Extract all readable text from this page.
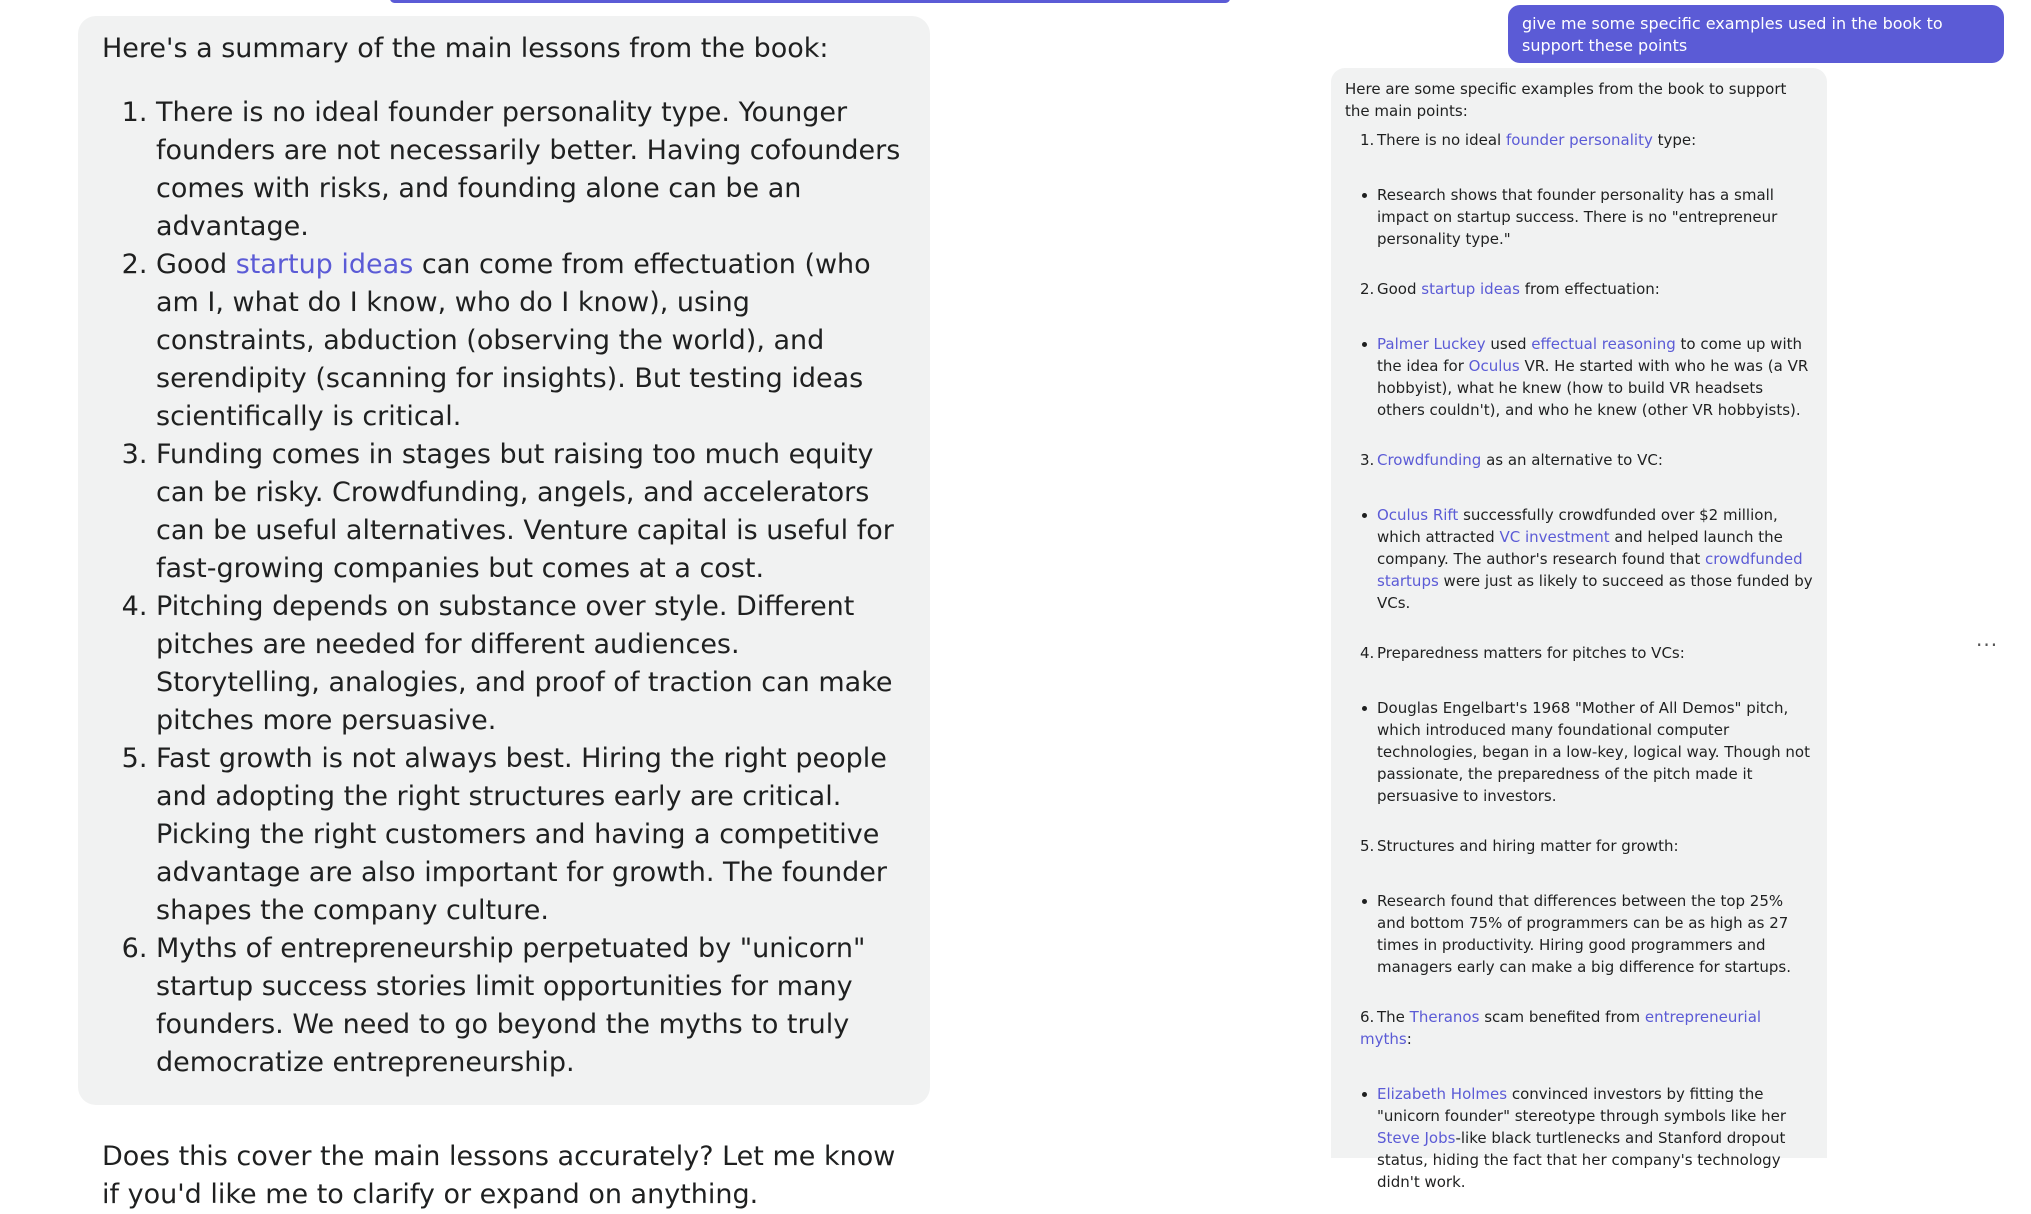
Here's a summary of the main lessons from the book:

1. There is no ideal founder personality type. Younger founders are not necessarily better. Having cofounders comes with risks, and founding alone can be an advantage.
2. Good startup ideas can come from effectuation (who am I, what do I know, who do I know), using constraints, abduction (observing the world), and serendipity (scanning for insights). But testing ideas scientifically is critical.
3. Funding comes in stages but raising too much equity can be risky. Crowdfunding, angels, and accelerators can be useful alternatives. Venture capital is useful for fast-growing companies but comes at a cost.
4. Pitching depends on substance over style. Different pitches are needed for different audiences. Storytelling, analogies, and proof of traction can make pitches more persuasive.
5. Fast growth is not always best. Hiring the right people and adopting the right structures early are critical. Picking the right customers and having a competitive advantage are also important for growth. The founder shapes the company culture.
6. Myths of entrepreneurship perpetuated by "unicorn" startup success stories limit opportunities for many founders. We need to go beyond the myths to truly democratize entrepreneurship.

Does this cover the main lessons accurately? Let me know if you'd like me to clarify or expand on anything.

give me some specific examples used in the book to support these points

Here are some specific examples from the book to support the main points:

1. There is no ideal founder personality type:
Research shows that founder personality has a small impact on startup success. There is no "entrepreneur personality type."
2. Good startup ideas from effectuation:
Palmer Luckey used effectual reasoning to come up with the idea for Oculus VR. He started with who he was (a VR hobbyist), what he knew (how to build VR headsets others couldn't), and who he knew (other VR hobbyists).
3. Crowdfunding as an alternative to VC:
Oculus Rift successfully crowdfunded over $2 million, which attracted VC investment and helped launch the company. The author's research found that crowdfunded startups were just as likely to succeed as those funded by VCs.
4. Preparedness matters for pitches to VCs:
Douglas Engelbart's 1968 "Mother of All Demos" pitch, which introduced many foundational computer technologies, began in a low-key, logical way. Though not passionate, the preparedness of the pitch made it persuasive to investors.
5. Structures and hiring matter for growth:
Research found that differences between the top 25% and bottom 75% of programmers can be as high as 27 times in productivity. Hiring good programmers and managers early can make a big difference for startups.
6. The Theranos scam benefited from entrepreneurial myths:
Elizabeth Holmes convinced investors by fitting the "unicorn founder" stereotype through symbols like her Steve Jobs-like black turtlenecks and Stanford dropout status, hiding the fact that her company's technology didn't work.
···
